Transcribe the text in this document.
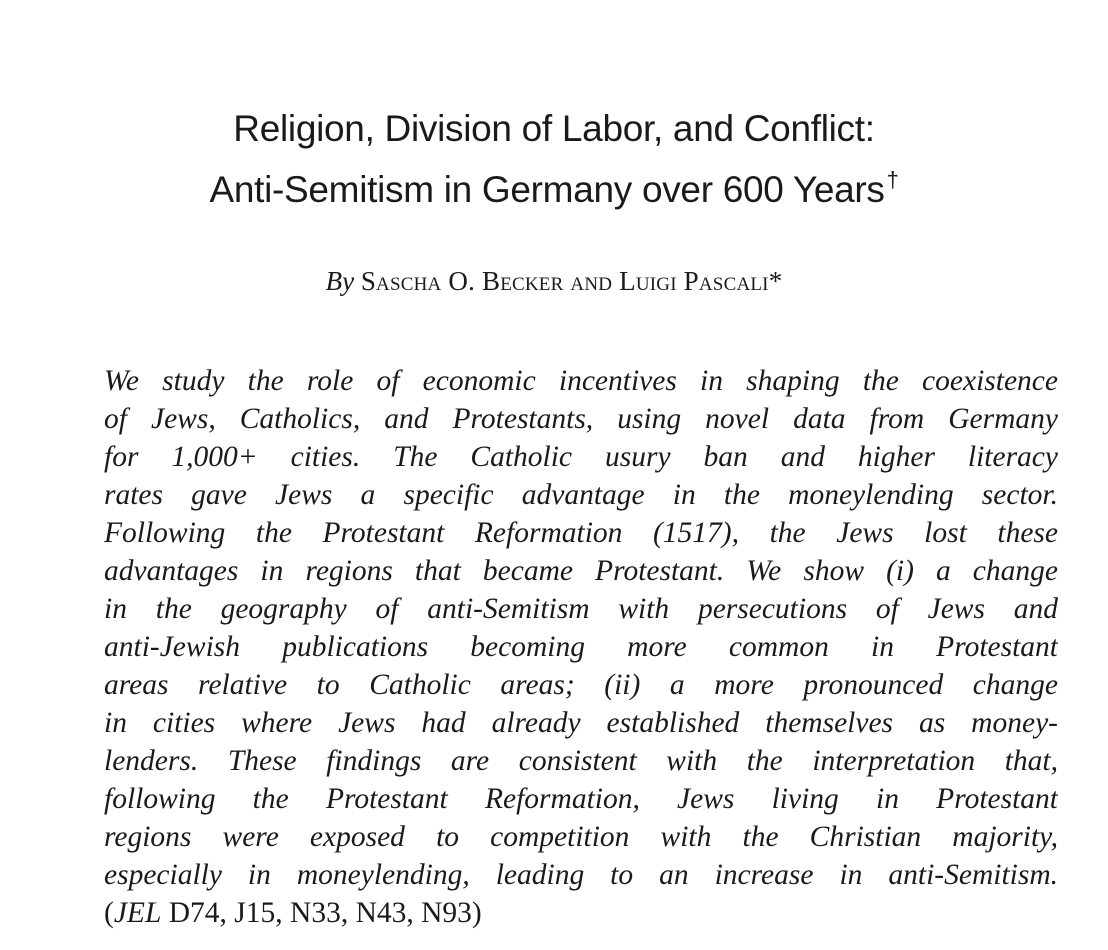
Religion, Division of Labor, and Conflict:
Anti-Semitism in Germany over 600 Years†
By Sascha O. Becker and Luigi Pascali*
We study the role of economic incentives in shaping the coexistence
of Jews, Catholics, and Protestants, using novel data from Germany
for 1,000+ cities. The Catholic usury ban and higher literacy
rates gave Jews a specific advantage in the moneylending sector.
Following the Protestant Reformation (1517), the Jews lost these
advantages in regions that became Protestant. We show (i) a change
in the geography of anti-Semitism with persecutions of Jews and
anti-Jewish publications becoming more common in Protestant
areas relative to Catholic areas; (ii) a more pronounced change
in cities where Jews had already established themselves as money-
lenders. These findings are consistent with the interpretation that,
following the Protestant Reformation, Jews living in Protestant
regions were exposed to competition with the Christian majority,
especially in moneylending, leading to an increase in anti-Semitism.
(JEL D74, J15, N33, N43, N93)
